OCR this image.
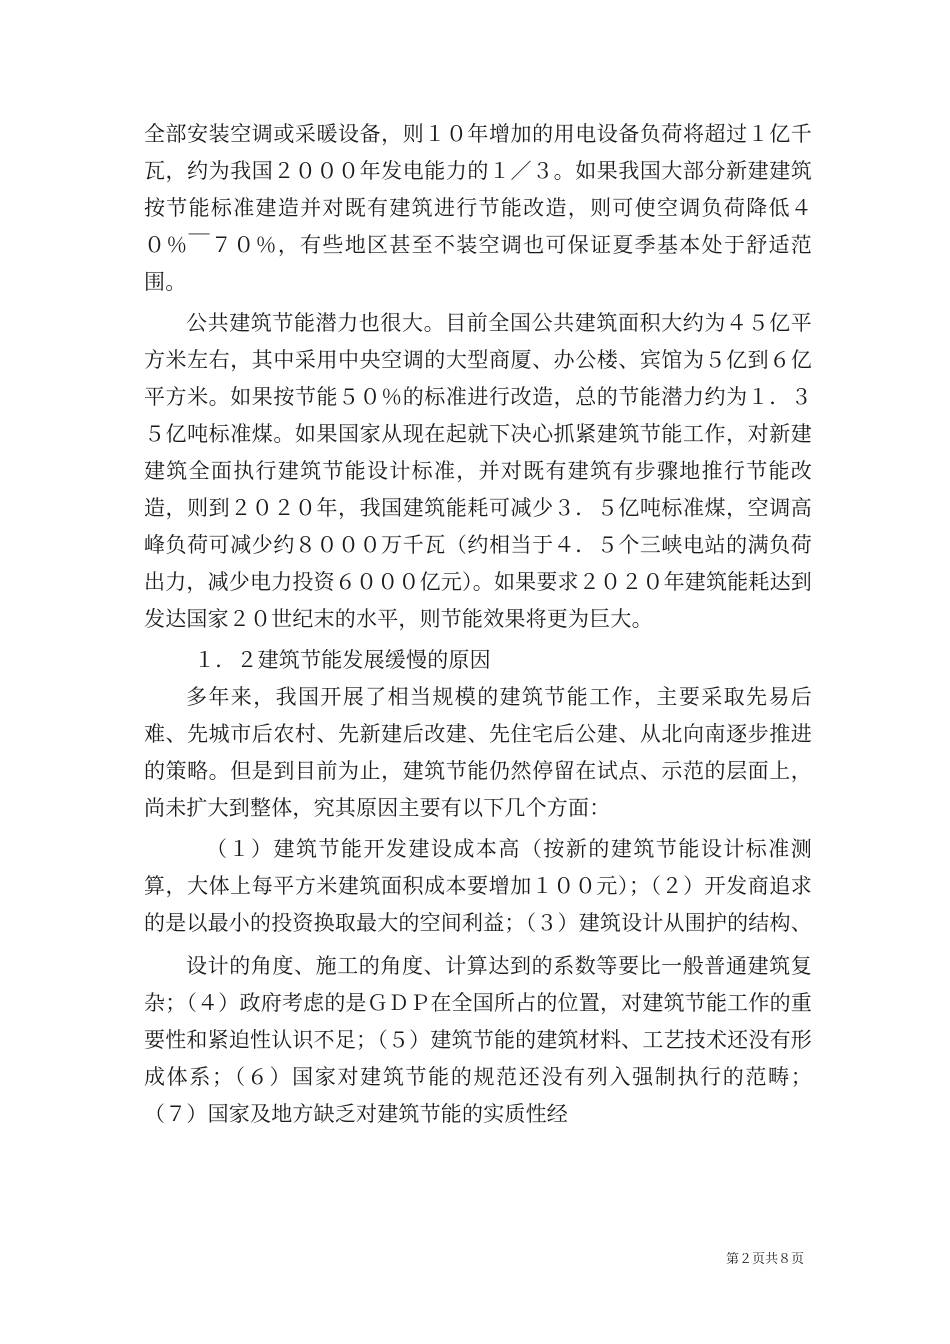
全部安装空调或采暖设备，则１０年增加的用电设备负荷将超过１亿千瓦，约为我国２０００年发电能力的１／３。如果我国大部分新建建筑按节能标准建造并对既有建筑进行节能改造，则可使空调负荷降低４０％￣７０％，有些地区甚至不装空调也可保证夏季基本处于舒适范围。

公共建筑节能潜力也很大。目前全国公共建筑面积大约为４５亿平方米左右，其中采用中央空调的大型商厦、办公楼、宾馆为５亿到６亿平方米。如果按节能５０％的标准进行改造，总的节能潜力约为１．３５亿吨标准煤。如果国家从现在起就下决心抓紧建筑节能工作，对新建建筑全面执行建筑节能设计标准，并对既有建筑有步骤地推行节能改造，则到２０２０年，我国建筑能耗可减少３．５亿吨标准煤，空调高峰负荷可减少约８０００万千瓦（约相当于４．５个三峡电站的满负荷出力，减少电力投资６０００亿元）。如果要求２０２０年建筑能耗达到发达国家２０世纪末的水平，则节能效果将更为巨大。

１．２建筑节能发展缓慢的原因

多年来，我国开展了相当规模的建筑节能工作，主要采取先易后难、先城市后农村、先新建后改建、先住宅后公建、从北向南逐步推进的策略。但是到目前为止，建筑节能仍然停留在试点、示范的层面上，尚未扩大到整体，究其原因主要有以下几个方面：

（１）建筑节能开发建设成本高（按新的建筑节能设计标准测算，大体上每平方米建筑面积成本要增加１００元）；（２）开发商追求的是以最小的投资换取最大的空间利益；（３）建筑设计从围护的结构、

设计的角度、施工的角度、计算达到的系数等要比一般普通建筑复杂；（４）政府考虑的是ＧＤＰ在全国所占的位置，对建筑节能工作的重要性和紧迫性认识不足；（５）建筑节能的建筑材料、工艺技术还没有形成体系；（６）国家对建筑节能的规范还没有列入强制执行的范畴；（７）国家及地方缺乏对建筑节能的实质性经

第２页共８页
